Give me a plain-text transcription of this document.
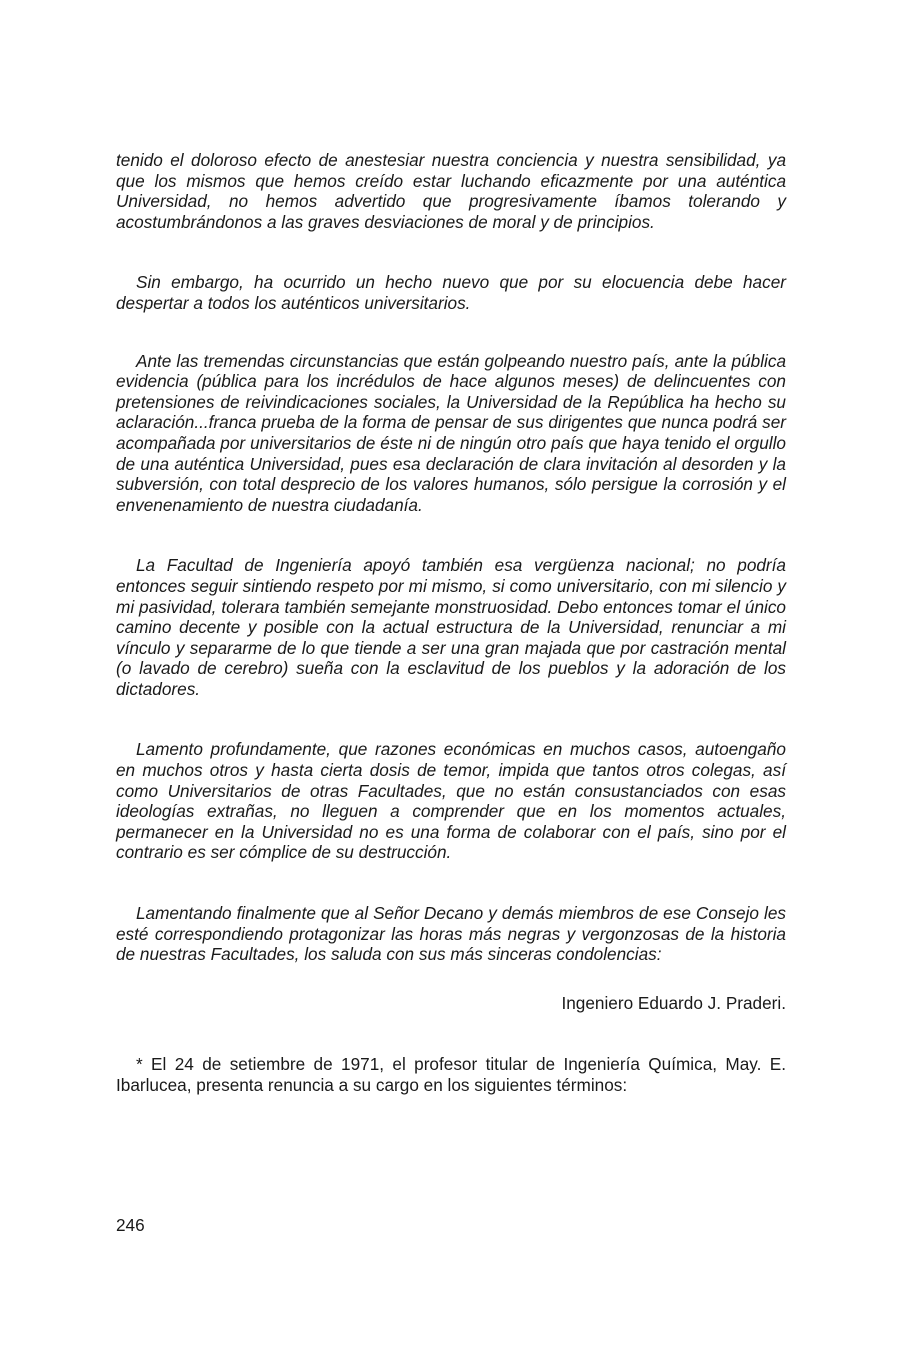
tenido el doloroso efecto de anestesiar nuestra conciencia y nuestra sensibilidad, ya que los mismos que hemos creído estar luchando eficazmente por una auténtica Universidad, no hemos advertido que progresivamente íbamos tolerando y acostumbrándonos a las graves desviaciones de moral y de principios.

Sin embargo, ha ocurrido un hecho nuevo que por su elocuencia debe hacer despertar a todos los auténticos universitarios.

Ante las tremendas circunstancias que están golpeando nuestro país, ante la pública evidencia (pública para los incrédulos de hace algunos meses) de delincuentes con pretensiones de reivindicaciones sociales, la Universidad de la República ha hecho su aclaración...franca prueba de la forma de pensar de sus dirigentes que nunca podrá ser acompañada por universitarios de éste ni de ningún otro país que haya tenido el orgullo de una auténtica Universidad, pues esa declaración de clara invitación al desorden y la subversión, con total desprecio de los valores humanos, sólo persigue la corrosión y el envenenamiento de nuestra ciudadanía.

La Facultad de Ingeniería apoyó también esa vergüenza nacional; no podría entonces seguir sintiendo respeto por mi mismo, si como universitario, con mi silencio y mi pasividad, tolerara también semejante monstruosidad. Debo entonces tomar el único camino decente y posible con la actual estructura de la Universidad, renunciar a mi vínculo y separarme de lo que tiende a ser una gran majada que por castración mental (o lavado de cerebro) sueña con la esclavitud de los pueblos y la adoración de los dictadores.

Lamento profundamente, que razones económicas en muchos casos, autoengaño en muchos otros y hasta cierta dosis de temor, impida que tantos otros colegas, así como Universitarios de otras Facultades, que no están consustanciados con esas ideologías extrañas, no lleguen a comprender que en los momentos actuales, permanecer en la Universidad no es una forma de colaborar con el país, sino por el contrario es ser cómplice de su destrucción.

Lamentando finalmente que al Señor Decano y demás miembros de ese Consejo les esté correspondiendo protagonizar las horas más negras y vergonzosas de la historia de nuestras Facultades, los saluda con sus más sinceras condolencias:

Ingeniero Eduardo J. Praderi.

* El 24 de setiembre de 1971, el profesor titular de Ingeniería Química, May. E. Ibarlucea, presenta renuncia a su cargo en los siguientes términos:

246
